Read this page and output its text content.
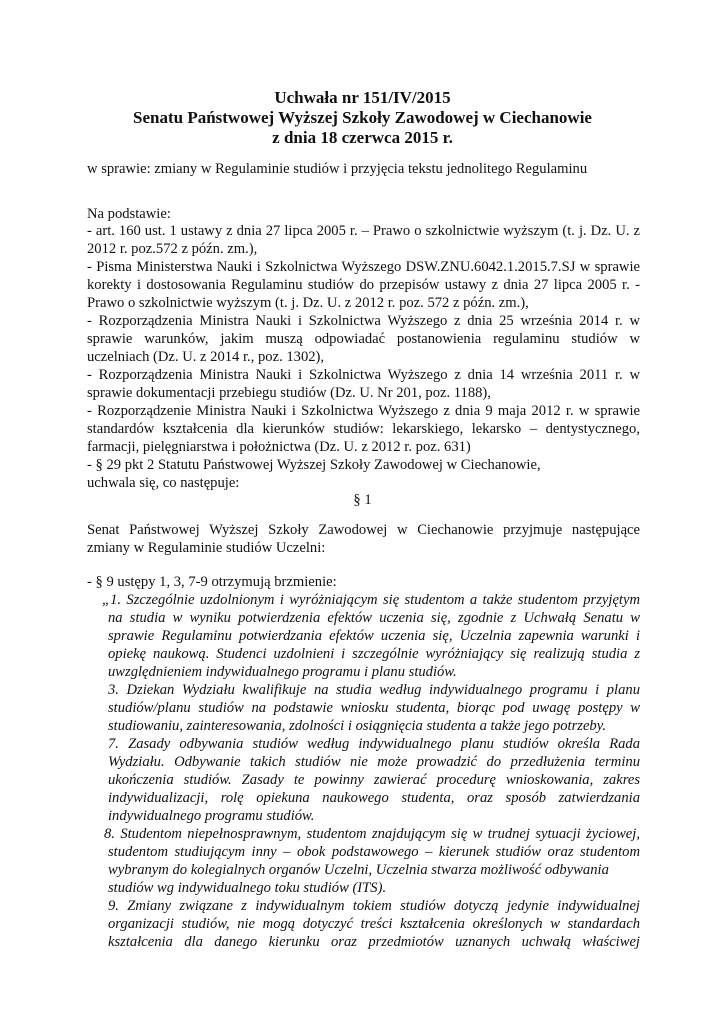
Uchwała nr 151/IV/2015
Senatu Państwowej Wyższej Szkoły Zawodowej w Ciechanowie
z dnia 18 czerwca 2015 r.
w sprawie: zmiany w Regulaminie studiów i przyjęcia tekstu jednolitego Regulaminu
Na podstawie:
- art. 160 ust. 1 ustawy z dnia 27 lipca 2005 r. – Prawo o szkolnictwie wyższym (t. j. Dz. U. z
2012 r. poz.572 z późn. zm.),
- Pisma Ministerstwa Nauki i Szkolnictwa Wyższego DSW.ZNU.6042.1.2015.7.SJ w sprawie
korekty i dostosowania Regulaminu studiów do przepisów ustawy z dnia 27 lipca 2005 r. -
Prawo o szkolnictwie wyższym (t. j. Dz. U. z 2012 r. poz. 572 z późn. zm.),
- Rozporządzenia Ministra Nauki i Szkolnictwa Wyższego z dnia 25 września 2014 r. w
sprawie warunków, jakim muszą odpowiadać postanowienia regulaminu studiów w
uczelniach (Dz. U. z 2014 r., poz. 1302),
- Rozporządzenia Ministra Nauki i Szkolnictwa Wyższego z dnia 14 września 2011 r. w
sprawie dokumentacji przebiegu studiów (Dz. U. Nr 201, poz. 1188),
- Rozporządzenie Ministra Nauki i Szkolnictwa Wyższego z dnia 9 maja 2012 r. w sprawie
standardów kształcenia dla kierunków studiów: lekarskiego, lekarsko – dentystycznego,
farmacji, pielęgniarstwa i położnictwa (Dz. U. z 2012 r. poz. 631)
- § 29 pkt 2 Statutu Państwowej Wyższej Szkoły Zawodowej w Ciechanowie,
uchwala się, co następuje:
§ 1
Senat Państwowej Wyższej Szkoły Zawodowej w Ciechanowie przyjmuje następujące
zmiany w Regulaminie studiów Uczelni:
- § 9 ustępy 1, 3, 7-9 otrzymują brzmienie:
„1. Szczególnie uzdolnionym i wyróżniającym się studentom a także studentom przyjętym
na studia w wyniku potwierdzenia efektów uczenia się, zgodnie z Uchwałą Senatu w
sprawie Regulaminu potwierdzania efektów uczenia się, Uczelnia zapewnia warunki i
opiekę naukową. Studenci uzdolnieni i szczególnie wyróżniający się realizują studia z
uwzględnieniem indywidualnego programu i planu studiów.
3. Dziekan Wydziału kwalifikuje na studia według indywidualnego programu i planu
studiów/planu studiów na podstawie wniosku studenta, biorąc pod uwagę postępy w
studiowaniu, zainteresowania, zdolności i osiągnięcia studenta a także jego potrzeby.
7. Zasady odbywania studiów według indywidualnego planu studiów określa Rada
Wydziału. Odbywanie takich studiów nie może prowadzić do przedłużenia terminu
ukończenia studiów. Zasady te powinny zawierać procedurę wnioskowania, zakres
indywidualizacji, rolę opiekuna naukowego studenta, oraz sposób zatwierdzania
indywidualnego programu studiów.
8. Studentom niepełnosprawnym, studentom znajdującym się w trudnej sytuacji życiowej,
studentom studiującym inny – obok podstawowego – kierunek studiów oraz studentom
wybranym do kolegialnych organów Uczelni, Uczelnia stwarza możliwość odbywania
studiów wg indywidualnego toku studiów (ITS).
9. Zmiany związane z indywidualnym tokiem studiów dotyczą jedynie indywidualnej
organizacji studiów, nie mogą dotyczyć treści kształcenia określonych w standardach
kształcenia dla danego kierunku oraz przedmiotów uznanych uchwałą właściwej
